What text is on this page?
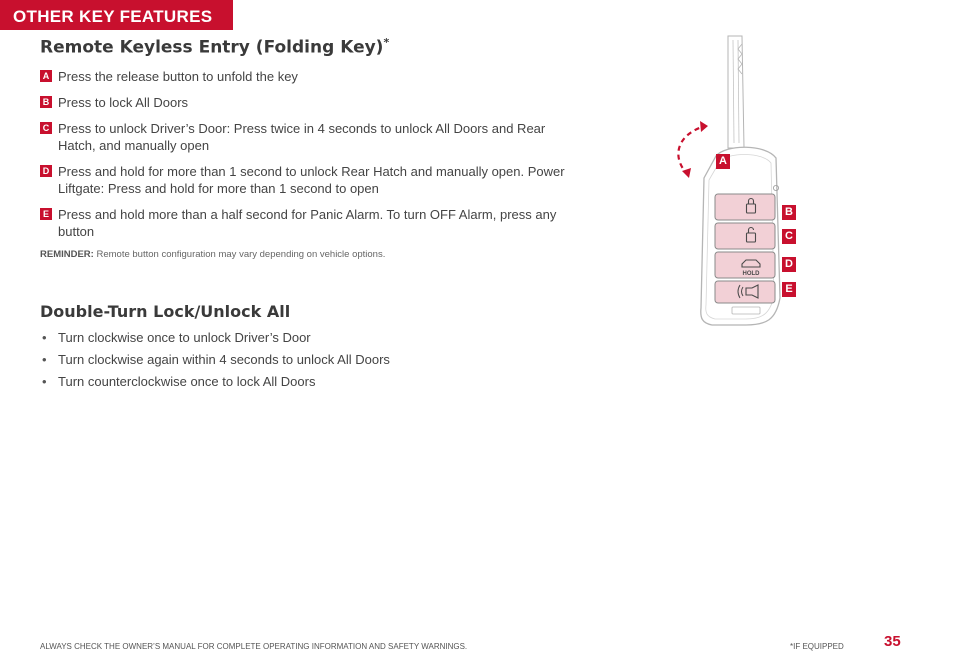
OTHER KEY FEATURES
Remote Keyless Entry (Folding Key)*
A Press the release button to unfold the key
B Press to lock All Doors
C Press to unlock Driver’s Door: Press twice in 4 seconds to unlock All Doors and Rear Hatch, and manually open
D Press and hold for more than 1 second to unlock Rear Hatch and manually open. Power Liftgate: Press and hold for more than 1 second to open
E Press and hold more than a half second for Panic Alarm. To turn OFF Alarm, press any button

REMINDER: Remote button configuration may vary depending on vehicle options.

Double-Turn Lock/Unlock All
• Turn clockwise once to unlock Driver’s Door
• Turn clockwise again within 4 seconds to unlock All Doors
• Turn counterclockwise once to lock All Doors
HOLD
A
B
C
D
E

ALWAYS CHECK THE OWNER’S MANUAL FOR COMPLETE OPERATING INFORMATION AND SAFETY WARNINGS.	*IF EQUIPPED	35
